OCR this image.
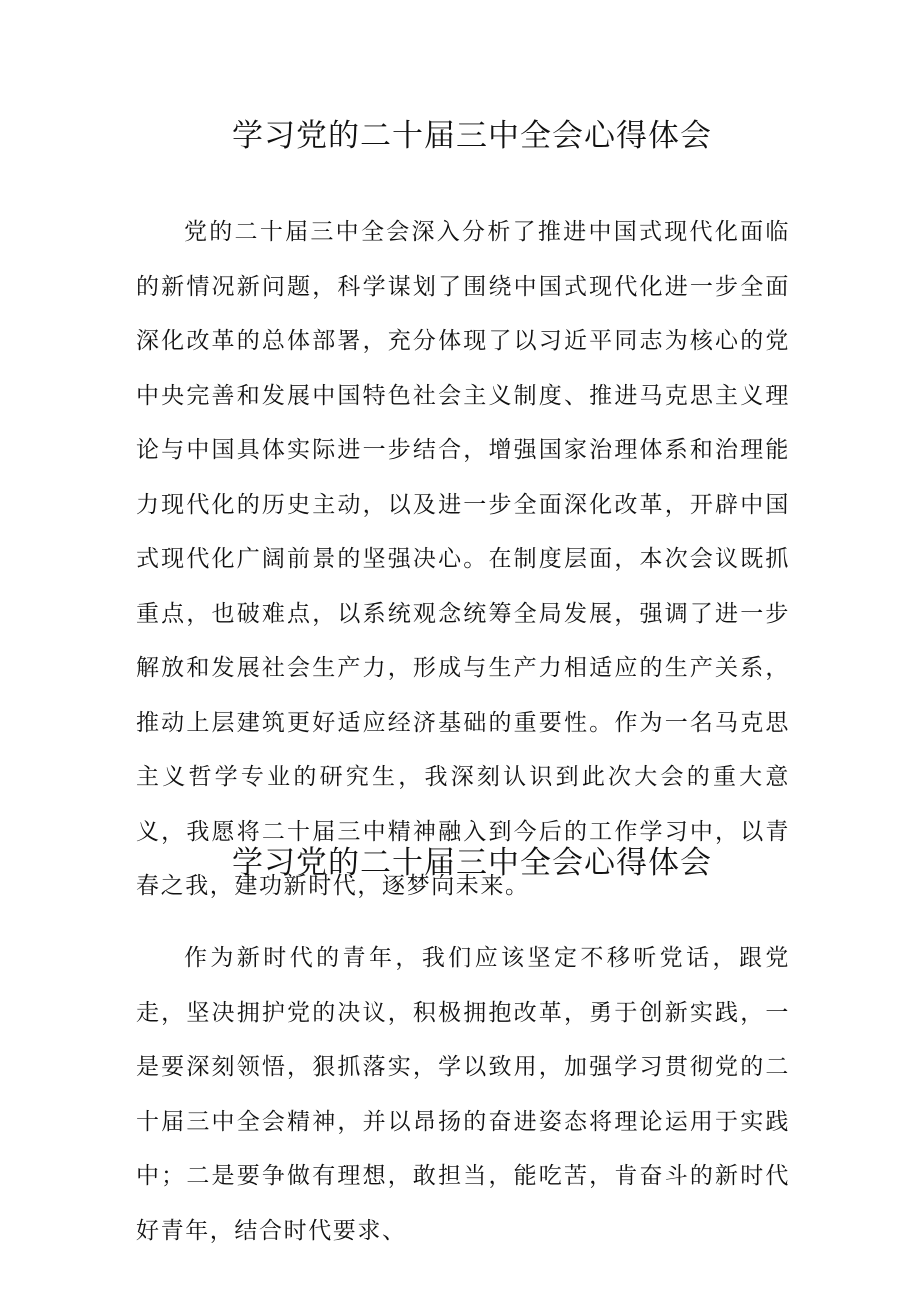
学习党的二十届三中全会心得体会

党的二十届三中全会深入分析了推进中国式现代化面临的新情况新问题，科学谋划了围绕中国式现代化进一步全面深化改革的总体部署，充分体现了以习近平同志为核心的党中央完善和发展中国特色社会主义制度、推进马克思主义理论与中国具体实际进一步结合，增强国家治理体系和治理能力现代化的历史主动，以及进一步全面深化改革，开辟中国式现代化广阔前景的坚强决心。在制度层面，本次会议既抓重点，也破难点，以系统观念统筹全局发展，强调了进一步解放和发展社会生产力，形成与生产力相适应的生产关系，推动上层建筑更好适应经济基础的重要性。作为一名马克思主义哲学专业的研究生，我深刻认识到此次大会的重大意义，我愿将二十届三中精神融入到今后的工作学习中，以青春之我，建功新时代，逐梦向未来。

学习党的二十届三中全会心得体会

作为新时代的青年，我们应该坚定不移听党话，跟党走，坚决拥护党的决议，积极拥抱改革，勇于创新实践，一是要深刻领悟，狠抓落实，学以致用，加强学习贯彻党的二十届三中全会精神，并以昂扬的奋进姿态将理论运用于实践中；二是要争做有理想，敢担当，能吃苦，肯奋斗的新时代好青年，结合时代要求、
